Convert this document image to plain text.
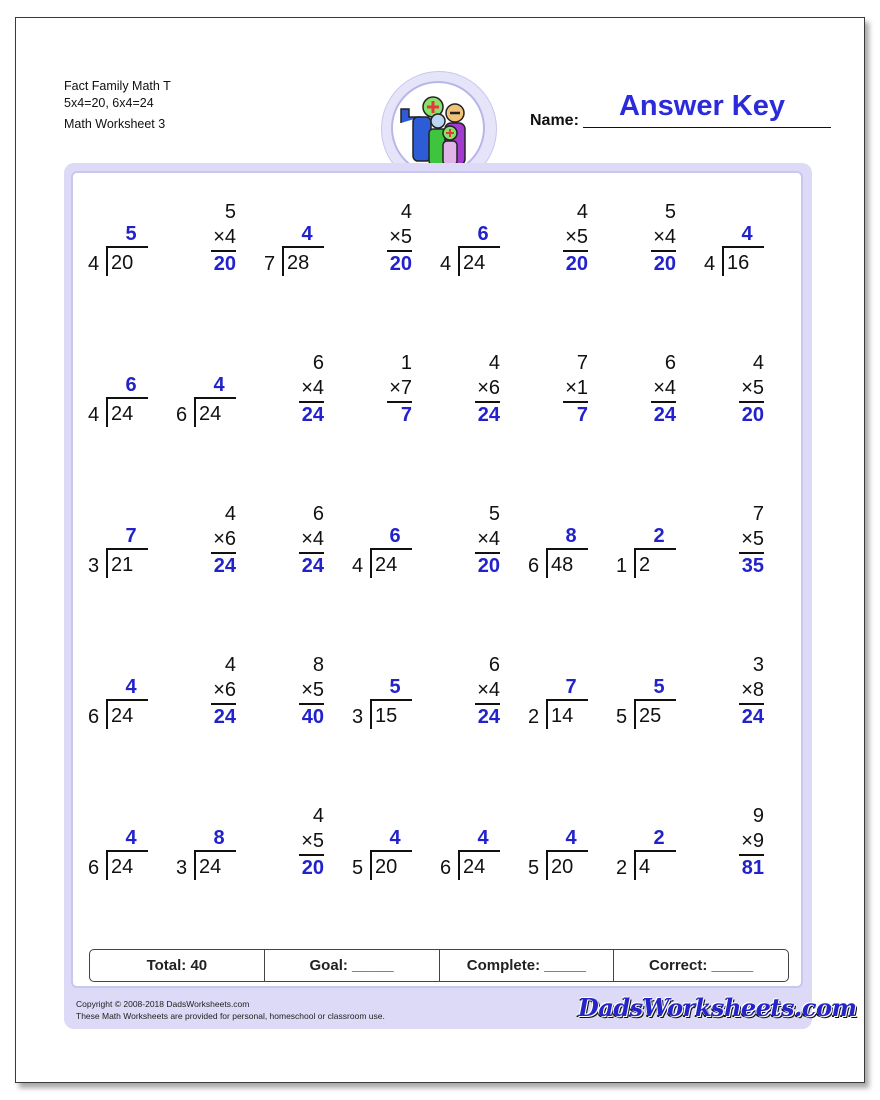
Fact Family Math T
5x4=20, 6x4=24
Math Worksheet 3	Name:	Answer Key
5
4 20
5
×4
20
4
7 28
4
×5
20
6
4 24
4
×5
20
5
×4
20
4
4 16
6
4 24
4
6 24
6
×4
24
1
×7
7
4
×6
24
7
×1
7
6
×4
24
4
×5
20
7
3 21
4
×6
24
6
×4
24
6
4 24
5
×4
20
8
6 48
2
1 2
7
×5
35
4
6 24
4
×6
24
8
×5
40
5
3 15
6
×4
24
7
2 14
5
5 25
3
×8
24
4
6 24
8
3 24
4
×5
20
4
5 20
4
6 24
4
5 20
2
2 4
9
×9
81
Total: 40	Goal: _____	Complete: _____	Correct: _____
Copyright © 2008-2018 DadsWorksheets.com
These Math Worksheets are provided for personal, homeschool or classroom use.	DadsWorksheets.com
